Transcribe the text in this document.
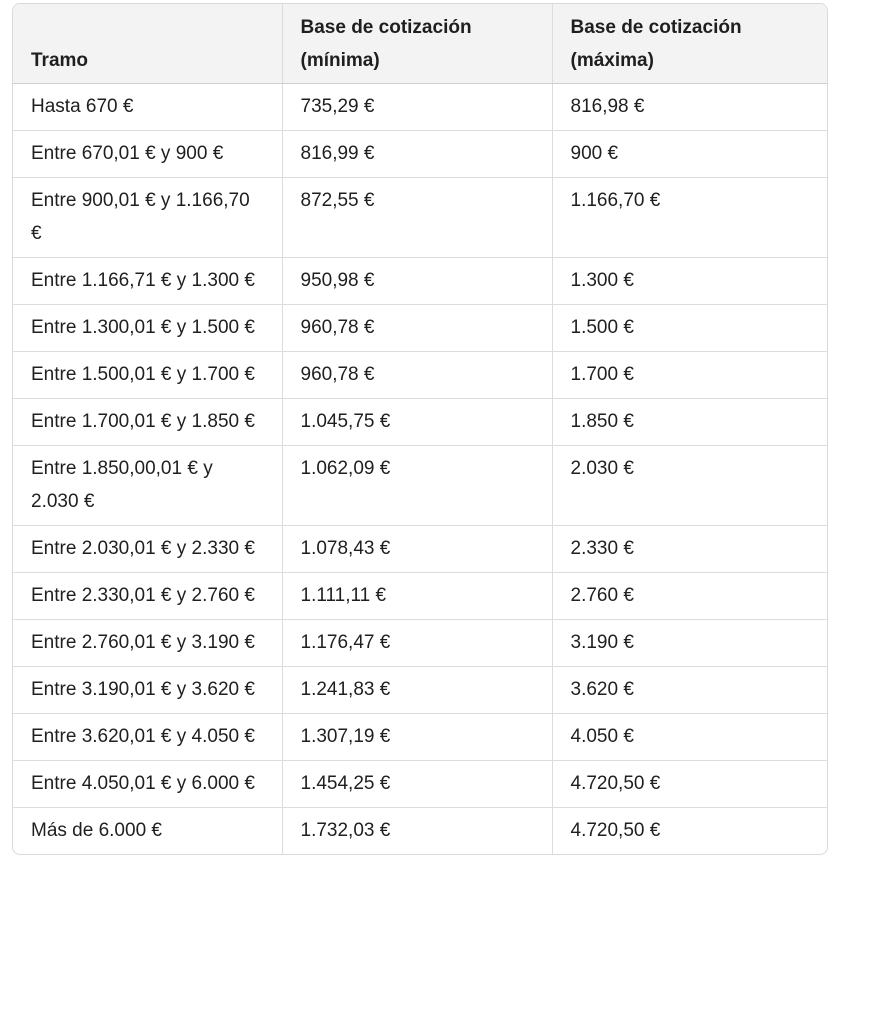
Tramo	Base de cotización (mínima)	Base de cotización (máxima)
Hasta 670 €	735,29 €	816,98 €
Entre 670,01 € y 900 €	816,99 €	900 €
Entre 900,01 € y 1.166,70 €	872,55 €	1.166,70 €
Entre 1.166,71 € y 1.300 €	950,98 €	1.300 €
Entre 1.300,01 € y 1.500 €	960,78 €	1.500 €
Entre 1.500,01 € y 1.700 €	960,78 €	1.700 €
Entre 1.700,01 € y 1.850 €	1.045,75 €	1.850 €
Entre 1.850,00,01 € y 2.030 €	1.062,09 €	2.030 €
Entre 2.030,01 € y 2.330 €	1.078,43 €	2.330 €
Entre 2.330,01 € y 2.760 €	1.111,11 €	2.760 €
Entre 2.760,01 € y 3.190 €	1.176,47 €	3.190 €
Entre 3.190,01 € y 3.620 €	1.241,83 €	3.620 €
Entre 3.620,01 € y 4.050 €	1.307,19 €	4.050 €
Entre 4.050,01 € y 6.000 €	1.454,25 €	4.720,50 €
Más de 6.000 €	1.732,03 €	4.720,50 €
